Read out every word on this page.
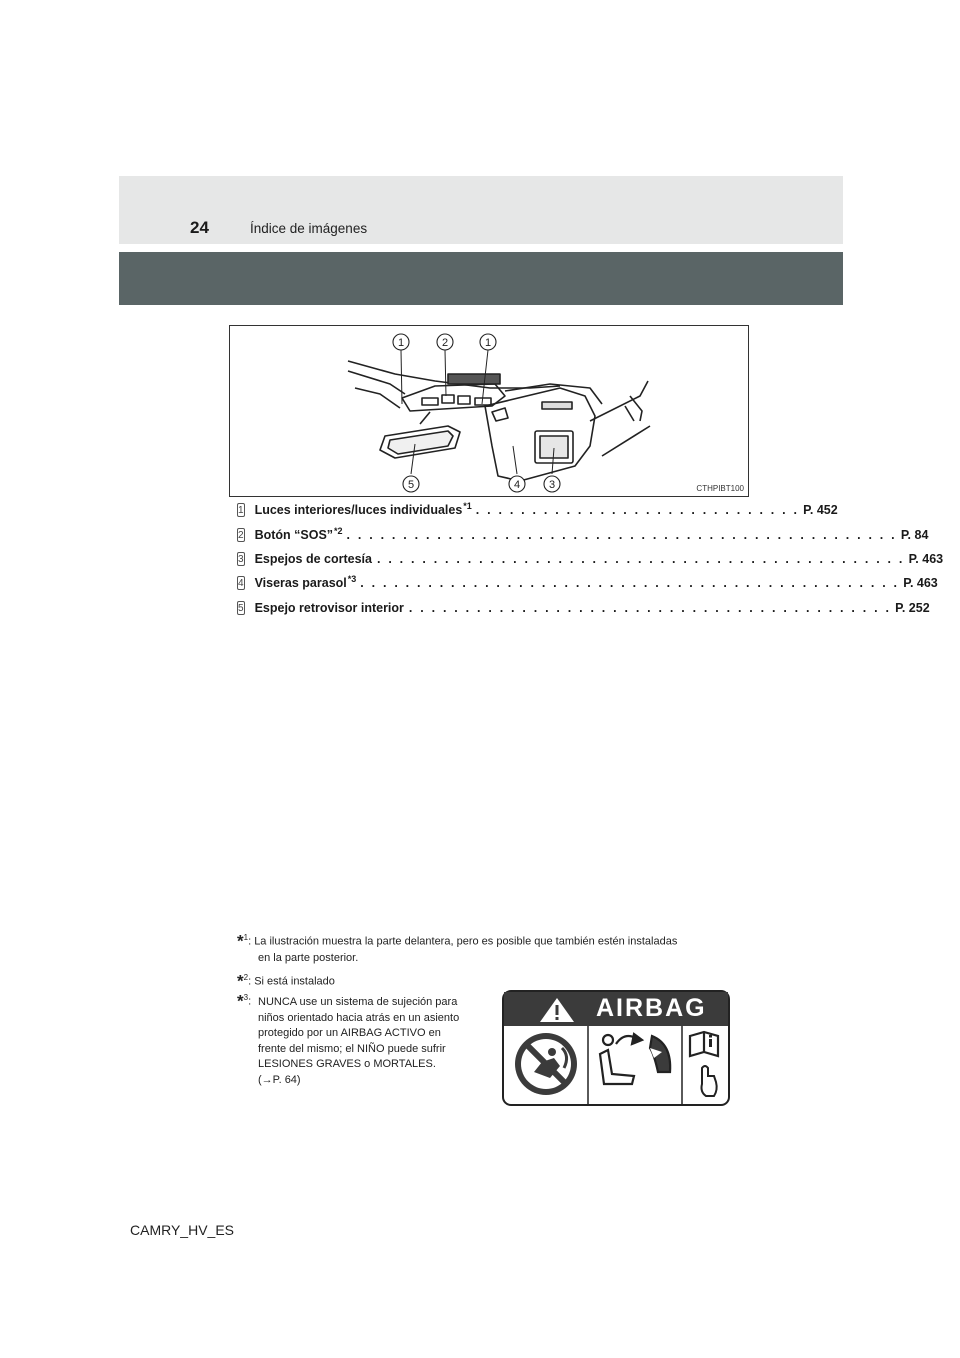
24	Índice de imágenes
1	2	1
5	4	3	CTHPIBT100
1 Luces interiores/luces individuales$^{*1}$ . . . . . . . . . . . . . . . . . . . . . . . . . . . . . P. 452
2 Botón “SOS”$^{*2}$ . . . . . . . . . . . . . . . . . . . . . . . . . . . . . . . . . . . . . . . . . . . . . . . . . P. 84
3 Espejos de cortesía . . . . . . . . . . . . . . . . . . . . . . . . . . . . . . . . . . . . . . . . . . . . . . . P. 463
4 Viseras parasol$^{*3}$ . . . . . . . . . . . . . . . . . . . . . . . . . . . . . . . . . . . . . . . . . . . . . . . . P. 463
5 Espejo retrovisor interior . . . . . . . . . . . . . . . . . . . . . . . . . . . . . . . . . . . . . . . . . . . P. 252
*$^1$: La ilustración muestra la parte delantera, pero es posible que también estén instaladas
en la parte posterior.
*$^2$: Si está instalado
*$^3$: NUNCA use un sistema de sujeción para
niños orientado hacia atrás en un asiento
protegido por un AIRBAG ACTIVO en
frente del mismo; el NIÑO puede sufrir
LESIONES GRAVES o MORTALES.
(→P. 64)
AIRBAG
CAMRY_HV_ES
